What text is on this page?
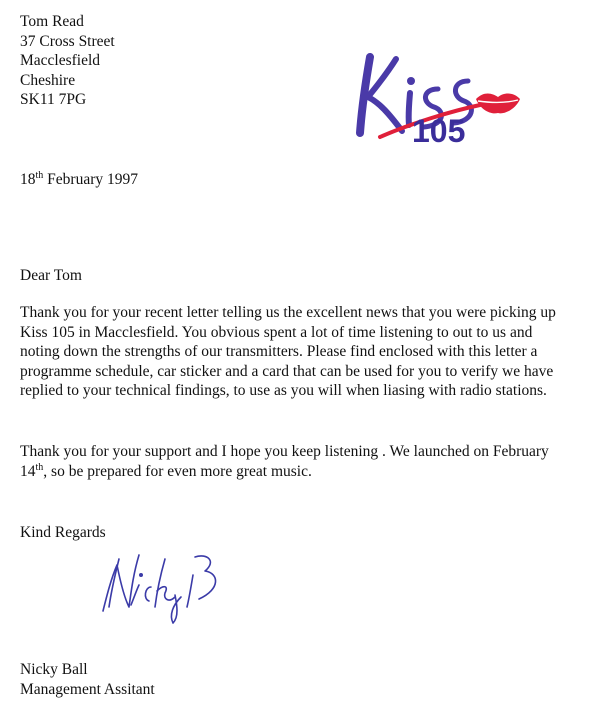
Tom Read
37 Cross Street
Macclesfield
Cheshire
SK11 7PG
105
18th February 1997
Dear Tom
Thank you for your recent letter telling us the excellent news that you were picking up
Kiss 105 in Macclesfield. You obvious spent a lot of time listening to out to us and
noting down the strengths of our transmitters. Please find enclosed with this letter a
programme schedule, car sticker and a card that can be used for you to verify we have
replied to your technical findings, to use as you will when liasing with radio stations.
Thank you for your support and I hope you keep listening . We launched on February
14th, so be prepared for even more great music.
Kind Regards
Nicky Ball
Management Assitant
